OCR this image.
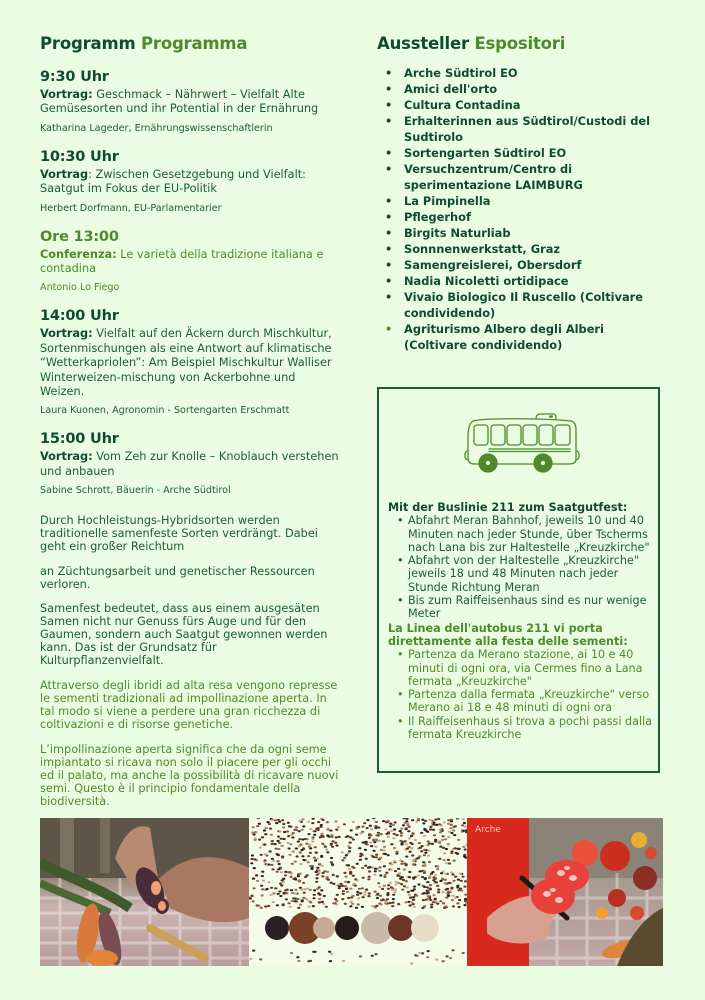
Programm Programma
9:30 Uhr
Vortrag: Geschmack – Nährwert – Vielfalt Alte Gemüsesorten und ihr Potential in der Ernährung
Katharina Lageder, Ernährungswissenschaftlerin
10:30 Uhr
Vortrag: Zwischen Gesetzgebung und Vielfalt: Saatgut im Fokus der EU-Politik
Herbert Dorfmann, EU-Parlamentarier
Ore 13:00
Conferenza: Le varietà della tradizione italiana e contadina
Antonio Lo Fiego
14:00 Uhr
Vortrag: Vielfalt auf den Äckern durch Mischkultur, Sortenmischungen als eine Antwort auf klimatische “Wetterkapriolen”: Am Beispiel Mischkultur Walliser Winterweizen-mischung von Ackerbohne und Weizen.
Laura Kuonen, Agronomin - Sortengarten Erschmatt
15:00 Uhr
Vortrag: Vom Zeh zur Knolle – Knoblauch verstehen und anbauen
Sabine Schrott, Bäuerin - Arche Südtirol

Durch Hochleistungs-Hybridsorten werden traditionelle samenfeste Sorten verdrängt. Dabei geht ein großer Reichtum

an Züchtungsarbeit und genetischer Ressourcen verloren.

Samenfest bedeutet, dass aus einem ausgesäten Samen nicht nur Genuss fürs Auge und für den Gaumen, sondern auch Saatgut gewonnen werden kann. Das ist der Grundsatz für Kulturpflanzenvielfalt.

Attraverso degli ibridi ad alta resa vengono represse le sementi tradizionali ad impollinazione aperta. In tal modo si viene a perdere una gran ricchezza di coltivazioni e di risorse genetiche.

L’impollinazione aperta significa che da ogni seme impiantato si ricava non solo il piacere per gli occhi ed il palato, ma anche la possibilità di ricavare nuovi semi. Questo è il principio fondamentale della biodiversità.

Aussteller Espositori
• Arche Südtirol EO
• Amici dell'orto
• Cultura Contadina
• Erhalterinnen aus Südtirol/Custodi del Sudtirolo
• Sortengarten Südtirol EO
• Versuchzentrum/Centro di sperimentazione LAIMBURG
• La Pimpinella
• Pflegerhof
• Birgits Naturliab
• Sonnnenwerkstatt, Graz
• Samengreislerei, Obersdorf
• Nadia Nicoletti ortidipace
• Vivaio Biologico Il Ruscello (Coltivare condividendo)
• Agriturismo Albero degli Alberi (Coltivare condividendo)
Mit der Buslinie 211 zum Saatgutfest:
• Abfahrt Meran Bahnhof, jeweils 10 und 40 Minuten nach jeder Stunde, über Tscherms nach Lana bis zur Haltestelle „Kreuzkirche"
• Abfahrt von der Haltestelle „Kreuzkirche" jeweils 18 und 48 Minuten nach jeder Stunde Richtung Meran
• Bis zum Raiffeisenhaus sind es nur wenige Meter
La Linea dell'autobus 211 vi porta direttamente alla festa delle sementi:
• Partenza da Merano stazione, ai 10 e 40 minuti di ogni ora, via Cermes fino a Lana fermata „Kreuzkirche"
• Partenza dalla fermata „Kreuzkirche" verso Merano ai 18 e 48 minuti di ogni ora
• Il Raiffeisenhaus si trova a pochi passi dalla fermata Kreuzkirche
Arche
